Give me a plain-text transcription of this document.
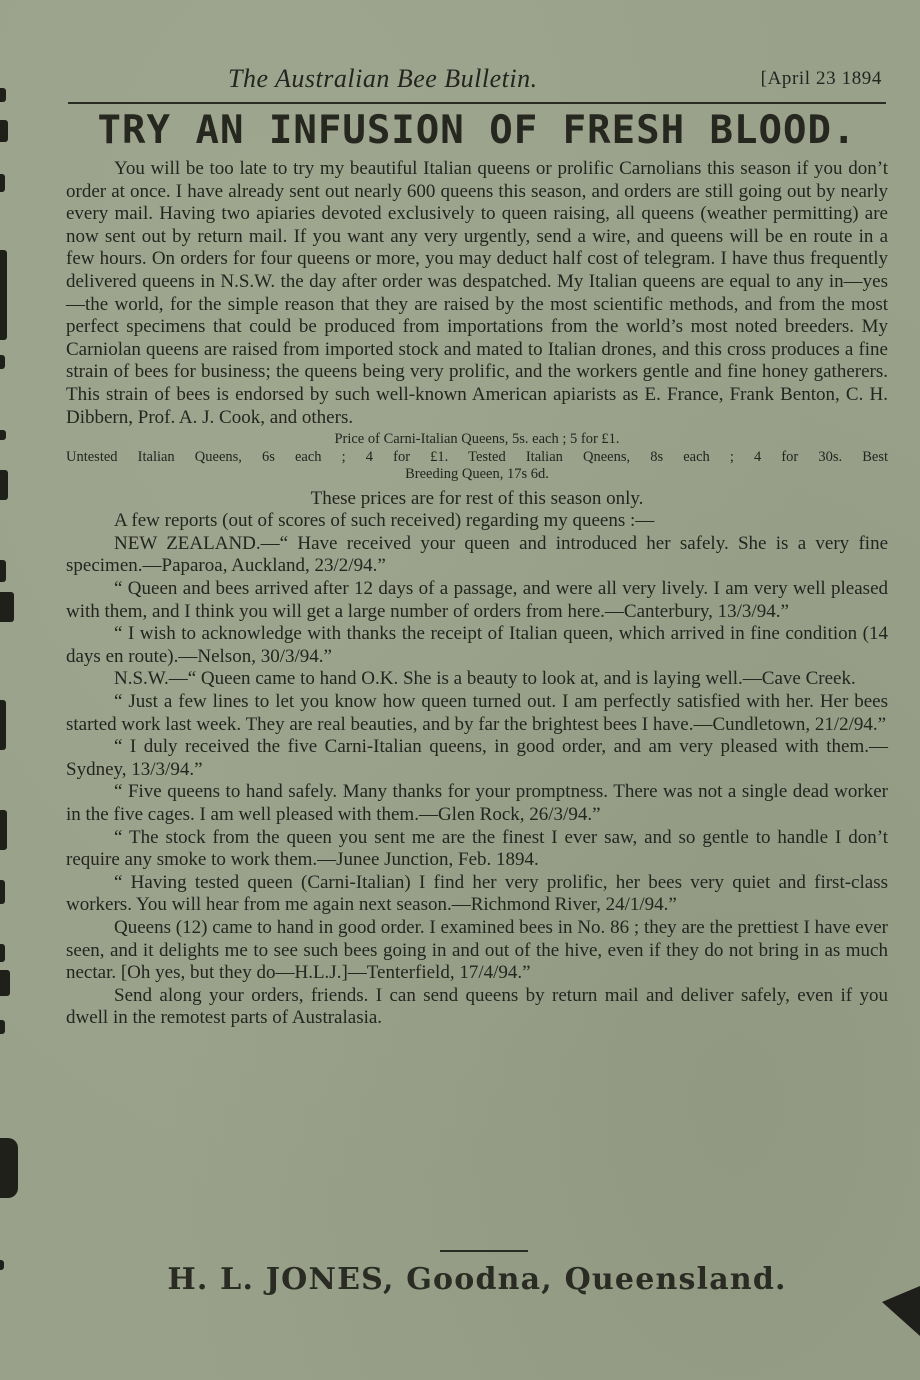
The Australian Bee Bulletin.	[April 23 1894
TRY AN INFUSION OF FRESH BLOOD.

You will be too late to try my beautiful Italian queens or prolific Carnolians this season if you don’t order at once. I have already sent out nearly 600 queens this season, and orders are still going out by nearly every mail. Having two apiaries devoted exclusively to queen raising, all queens (weather permitting) are now sent out by return mail. If you want any very urgently, send a wire, and queens will be en route in a few hours. On orders for four queens or more, you may deduct half cost of telegram. I have thus frequently delivered queens in N.S.W. the day after order was despatched. My Italian queens are equal to any in—yes—the world, for the simple reason that they are raised by the most scientific methods, and from the most perfect specimens that could be produced from importations from the world’s most noted breeders. My Carniolan queens are raised from imported stock and mated to Italian drones, and this cross produces a fine strain of bees for business; the queens being very prolific, and the workers gentle and fine honey gatherers. This strain of bees is endorsed by such well-known American apiarists as E. France, Frank Benton, C. H. Dibbern, Prof. A. J. Cook, and others.

Price of Carni-Italian Queens, 5s. each ; 5 for £1.
Untested Italian Queens, 6s each ; 4 for £1. Tested Italian Qneens, 8s each ; 4 for 30s. Best
Breeding Queen, 17s 6d.

These prices are for rest of this season only.

A few reports (out of scores of such received) regarding my queens :—

NEW ZEALAND.—“ Have received your queen and introduced her safely. She is a very fine specimen.—Paparoa, Auckland, 23/2/94.”

“ Queen and bees arrived after 12 days of a passage, and were all very lively. I am very well pleased with them, and I think you will get a large number of orders from here.—Canterbury, 13/3/94.”

“ I wish to acknowledge with thanks the receipt of Italian queen, which arrived in fine condition (14 days en route).—Nelson, 30/3/94.”

N.S.W.—“ Queen came to hand O.K. She is a beauty to look at, and is laying well.—Cave Creek.

“ Just a few lines to let you know how queen turned out. I am perfectly satisfied with her. Her bees started work last week. They are real beauties, and by far the brightest bees I have.—Cundletown, 21/2/94.”

“ I duly received the five Carni-Italian queens, in good order, and am very pleased with them.—Sydney, 13/3/94.”

“ Five queens to hand safely. Many thanks for your promptness. There was not a single dead worker in the five cages. I am well pleased with them.—Glen Rock, 26/3/94.”

“ The stock from the queen you sent me are the finest I ever saw, and so gentle to handle I don’t require any smoke to work them.—Junee Junction, Feb. 1894.

“ Having tested queen (Carni-Italian) I find her very prolific, her bees very quiet and first-class workers. You will hear from me again next season.—Richmond River, 24/1/94.”

Queens (12) came to hand in good order. I examined bees in No. 86 ; they are the prettiest I have ever seen, and it delights me to see such bees going in and out of the hive, even if they do not bring in as much nectar. [Oh yes, but they do—H.L.J.]—Tenterfield, 17/4/94.”

Send along your orders, friends. I can send queens by return mail and deliver safely, even if you dwell in the remotest parts of Australasia.

H. L. JONES, Goodna, Queensland.
